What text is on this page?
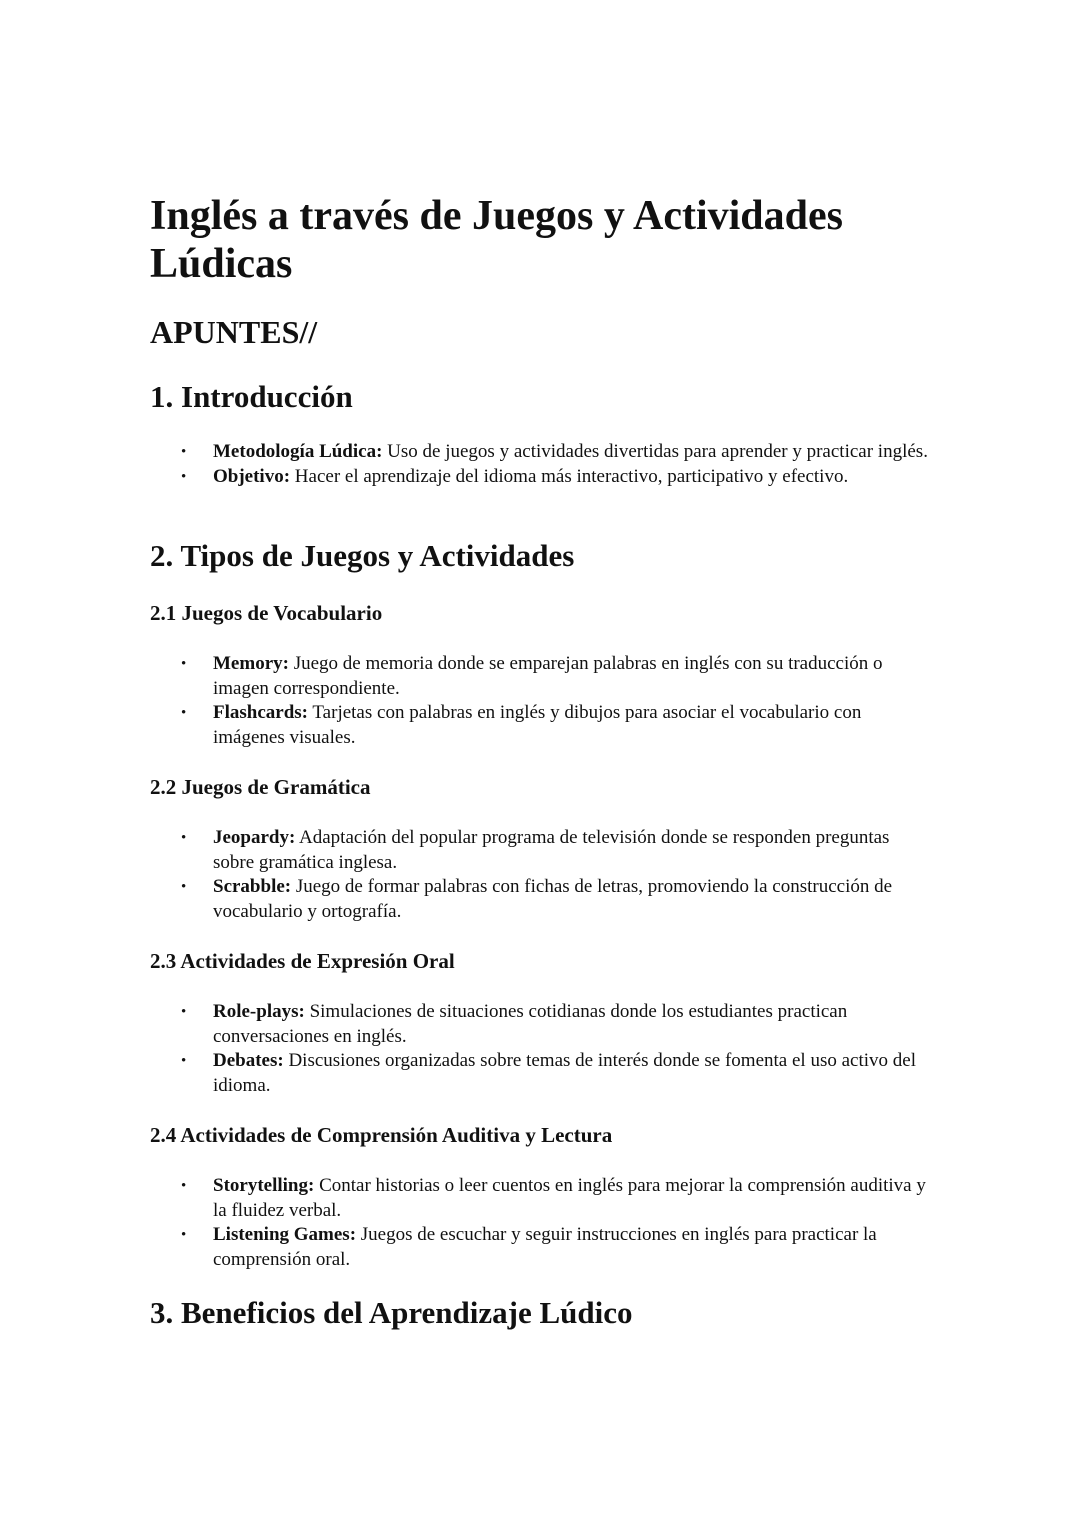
Inglés a través de Juegos y Actividades Lúdicas
APUNTES//
1. Introducción
• Metodología Lúdica: Uso de juegos y actividades divertidas para aprender y practicar inglés.
• Objetivo: Hacer el aprendizaje del idioma más interactivo, participativo y efectivo.
2. Tipos de Juegos y Actividades
2.1 Juegos de Vocabulario
• Memory: Juego de memoria donde se emparejan palabras en inglés con su traducción o imagen correspondiente.
• Flashcards: Tarjetas con palabras en inglés y dibujos para asociar el vocabulario con imágenes visuales.
2.2 Juegos de Gramática
• Jeopardy: Adaptación del popular programa de televisión donde se responden preguntas sobre gramática inglesa.
• Scrabble: Juego de formar palabras con fichas de letras, promoviendo la construcción de vocabulario y ortografía.
2.3 Actividades de Expresión Oral
• Role-plays: Simulaciones de situaciones cotidianas donde los estudiantes practican conversaciones en inglés.
• Debates: Discusiones organizadas sobre temas de interés donde se fomenta el uso activo del idioma.
2.4 Actividades de Comprensión Auditiva y Lectura
• Storytelling: Contar historias o leer cuentos en inglés para mejorar la comprensión auditiva y la fluidez verbal.
• Listening Games: Juegos de escuchar y seguir instrucciones en inglés para practicar la comprensión oral.
3. Beneficios del Aprendizaje Lúdico
